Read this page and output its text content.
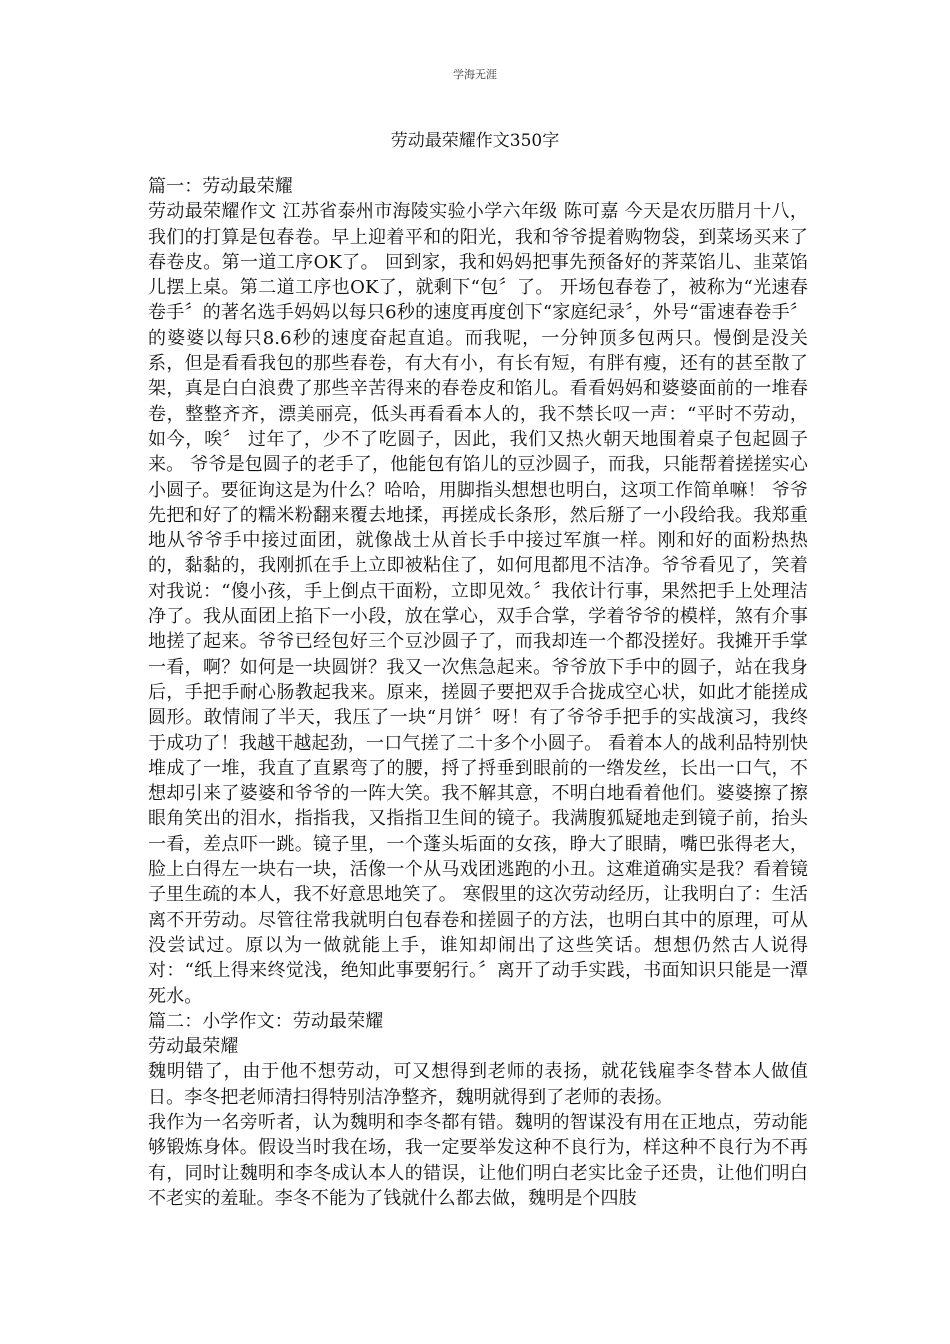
学海无涯
劳动最荣耀作文350字

篇一：劳动最荣耀

劳动最荣耀作文 江苏省泰州市海陵实验小学六年级 陈可嘉 今天是农历腊月十八，我们的打算是包春卷。早上迎着平和的阳光，我和爷爷提着购物袋，到菜场买来了春卷皮。第一道工序OK了。 回到家，我和妈妈把事先预备好的荠菜馅儿、韭菜馅儿摆上桌。第二道工序也OK了，就剩下“包〞了。 开场包春卷了，被称为“光速春卷手〞的著名选手妈妈以每只6秒的速度再度创下“家庭纪录〞，外号“雷速春卷手〞的婆婆以每只8.6秒的速度奋起直追。而我呢，一分钟顶多包两只。慢倒是没关系，但是看看我包的那些春卷，有大有小，有长有短，有胖有瘦，还有的甚至散了架，真是白白浪费了那些辛苦得来的春卷皮和馅儿。看看妈妈和婆婆面前的一堆春卷，整整齐齐，漂美丽亮，低头再看看本人的，我不禁长叹一声：“平时不劳动，如今，唉〞 过年了，少不了吃圆子，因此，我们又热火朝天地围着桌子包起圆子来。 爷爷是包圆子的老手了，他能包有馅儿的豆沙圆子，而我，只能帮着搓搓实心小圆子。要征询这是为什么？哈哈，用脚指头想想也明白，这项工作简单嘛！ 爷爷先把和好了的糯米粉翻来覆去地揉，再搓成长条形，然后掰了一小段给我。我郑重地从爷爷手中接过面团，就像战士从首长手中接过军旗一样。刚和好的面粉热热的，黏黏的，我刚抓在手上立即被粘住了，如何甩都甩不洁净。爷爷看见了，笑着对我说：“傻小孩，手上倒点干面粉，立即见效。〞我依计行事，果然把手上处理洁净了。我从面团上掐下一小段，放在掌心，双手合掌，学着爷爷的模样，煞有介事地搓了起来。爷爷已经包好三个豆沙圆子了，而我却连一个都没搓好。我摊开手掌一看，啊？如何是一块圆饼？我又一次焦急起来。爷爷放下手中的圆子，站在我身后，手把手耐心肠教起我来。原来，搓圆子要把双手合拢成空心状，如此才能搓成圆形。敢情闹了半天，我压了一块“月饼〞呀！有了爷爷手把手的实战演习，我终于成功了！我越干越起劲，一口气搓了二十多个小圆子。 看着本人的战利品特别快堆成了一堆，我直了直累弯了的腰，捋了捋垂到眼前的一绺发丝，长出一口气，不想却引来了婆婆和爷爷的一阵大笑。我不解其意，不明白地看着他们。婆婆擦了擦眼角笑出的泪水，指指我，又指指卫生间的镜子。我满腹狐疑地走到镜子前，抬头一看，差点吓一跳。镜子里，一个蓬头垢面的女孩，睁大了眼睛，嘴巴张得老大，脸上白得左一块右一块，活像一个从马戏团逃跑的小丑。这难道确实是我？看着镜子里生疏的本人，我不好意思地笑了。 寒假里的这次劳动经历，让我明白了：生活离不开劳动。尽管往常我就明白包春卷和搓圆子的方法，也明白其中的原理，可从没尝试过。原以为一做就能上手，谁知却闹出了这些笑话。想想仍然古人说得对：“纸上得来终觉浅，绝知此事要躬行。〞离开了动手实践，书面知识只能是一潭死水。

篇二：小学作文：劳动最荣耀

劳动最荣耀

魏明错了，由于他不想劳动，可又想得到老师的表扬，就花钱雇李冬替本人做值日。李冬把老师清扫得特别洁净整齐，魏明就得到了老师的表扬。

我作为一名旁听者，认为魏明和李冬都有错。魏明的智谋没有用在正地点，劳动能够锻炼身体。假设当时我在场，我一定要举发这种不良行为，样这种不良行为不再有，同时让魏明和李冬成认本人的错误，让他们明白老实比金子还贵，让他们明白不老实的羞耻。李冬不能为了钱就什么都去做，魏明是个四肢
